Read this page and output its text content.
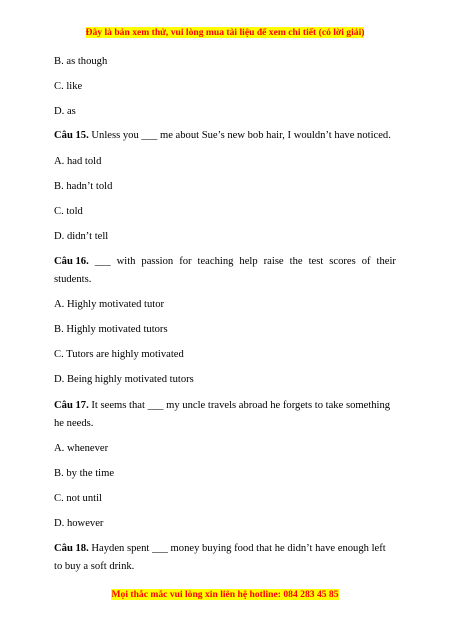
Đây là bản xem thử, vui lòng mua tài liệu để xem chi tiết (có lời giải)
B. as though
C. like
D. as
Câu 15. Unless you ___ me about Sue’s new bob hair, I wouldn’t have noticed.
A. had told
B. hadn’t told
C. told
D. didn’t tell
Câu 16. ___ with passion for teaching help raise the test scores of their
students.
A. Highly motivated tutor
B. Highly motivated tutors
C. Tutors are highly motivated
D. Being highly motivated tutors
Câu 17. It seems that ___ my uncle travels abroad he forgets to take something
he needs.
A. whenever
B. by the time
C. not until
D. however
Câu 18. Hayden spent ___ money buying food that he didn’t have enough left
to buy a soft drink.
Mọi thắc mắc vui lòng xin liên hệ hotline: 084 283 45 85
